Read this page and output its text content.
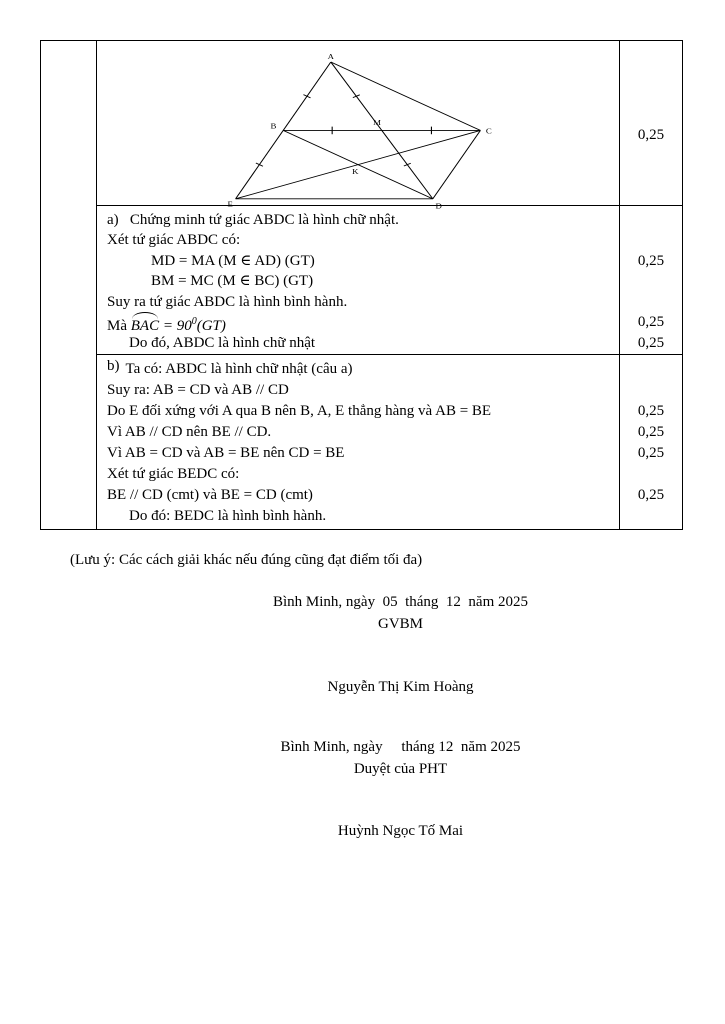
A
B
C
D
E
M
K
0,25
a)   Chứng minh tứ giác ABDC là hình chữ nhật.
Xét tứ giác ABDC có:
MD = MA (M ∈ AD) (GT)
BM = MC (M ∈ BC) (GT)
Suy ra tứ giác ABDC là hình bình hành.
Mà BAC = $90^0(GT)$
Do đó, ABDC là hình chữ nhật
0,25
0,25
0,25
b) Ta có: ABDC là hình chữ nhật (câu a)
Suy ra: AB = CD và AB // CD
Do E đối xứng với A qua B nên B, A, E thẳng hàng và AB = BE
Vì AB // CD nên BE // CD.
Vì AB = CD và AB = BE nên CD = BE
Xét tứ giác BEDC có:
BE // CD (cmt) và BE = CD (cmt)
Do đó: BEDC là hình bình hành.
0,25
0,25
0,25
0,25
(Lưu ý: Các cách giải khác nếu đúng cũng đạt điểm tối đa)
Bình Minh, ngày  05  tháng  12  năm 2025
GVBM
Nguyễn Thị Kim Hoàng
Bình Minh, ngày     tháng 12  năm 2025
Duyệt của PHT
Huỳnh Ngọc Tố Mai
